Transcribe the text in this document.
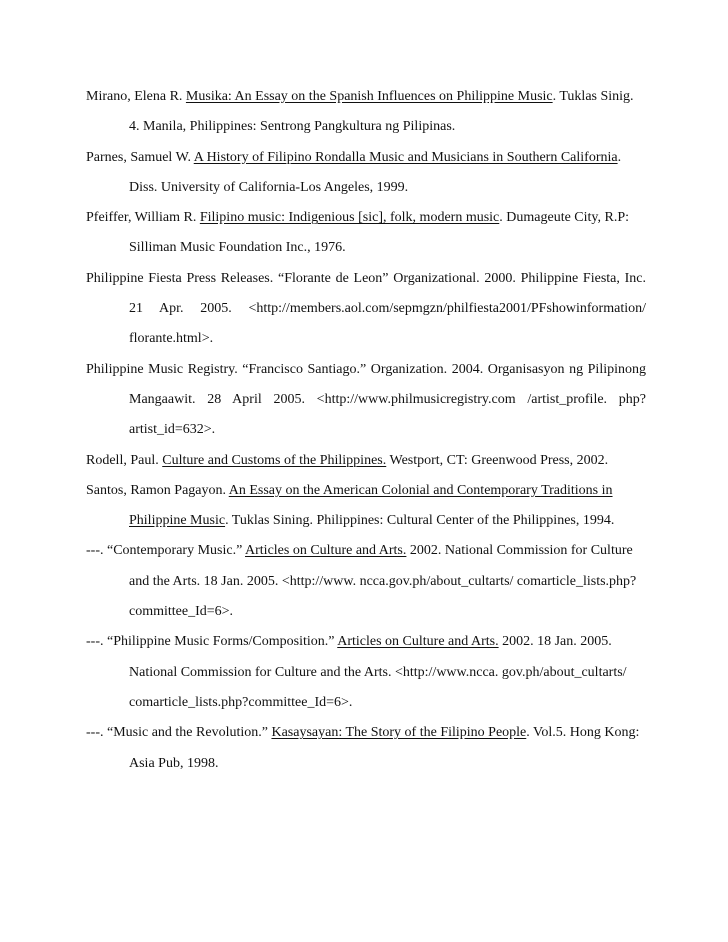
Mirano, Elena R. Musika: An Essay on the Spanish Influences on Philippine Music. Tuklas Sinig. 4. Manila, Philippines: Sentrong Pangkultura ng Pilipinas.
Parnes, Samuel W. A History of Filipino Rondalla Music and Musicians in Southern California. Diss. University of California-Los Angeles, 1999.
Pfeiffer, William R. Filipino music: Indigenious [sic], folk, modern music. Dumageute City, R.P: Silliman Music Foundation Inc., 1976.
Philippine Fiesta Press Releases. “Florante de Leon” Organizational. 2000. Philippine Fiesta, Inc. 21 Apr. 2005. <http://members.aol.com/sepmgzn/philfiesta2001/PFshowinformation/ florante.html>.
Philippine Music Registry. “Francisco Santiago.” Organization. 2004. Organisasyon ng Pilipinong Mangaawit. 28 April 2005. <http://www.philmusicregistry.com /artist_profile. php?artist_id=632>.
Rodell, Paul. Culture and Customs of the Philippines. Westport, CT: Greenwood Press, 2002.
Santos, Ramon Pagayon. An Essay on the American Colonial and Contemporary Traditions in Philippine Music. Tuklas Sining. Philippines: Cultural Center of the Philippines, 1994.
---. “Contemporary Music.” Articles on Culture and Arts. 2002. National Commission for Culture and the Arts. 18 Jan. 2005. <http://www. ncca.gov.ph/about_cultarts/ comarticle_lists.php?committee_Id=6>.
---. “Philippine Music Forms/Composition.” Articles on Culture and Arts. 2002. 18 Jan. 2005. National Commission for Culture and the Arts. <http://www.ncca. gov.ph/about_cultarts/ comarticle_lists.php?committee_Id=6>.
---. “Music and the Revolution.” Kasaysayan: The Story of the Filipino People. Vol.5. Hong Kong: Asia Pub, 1998.
